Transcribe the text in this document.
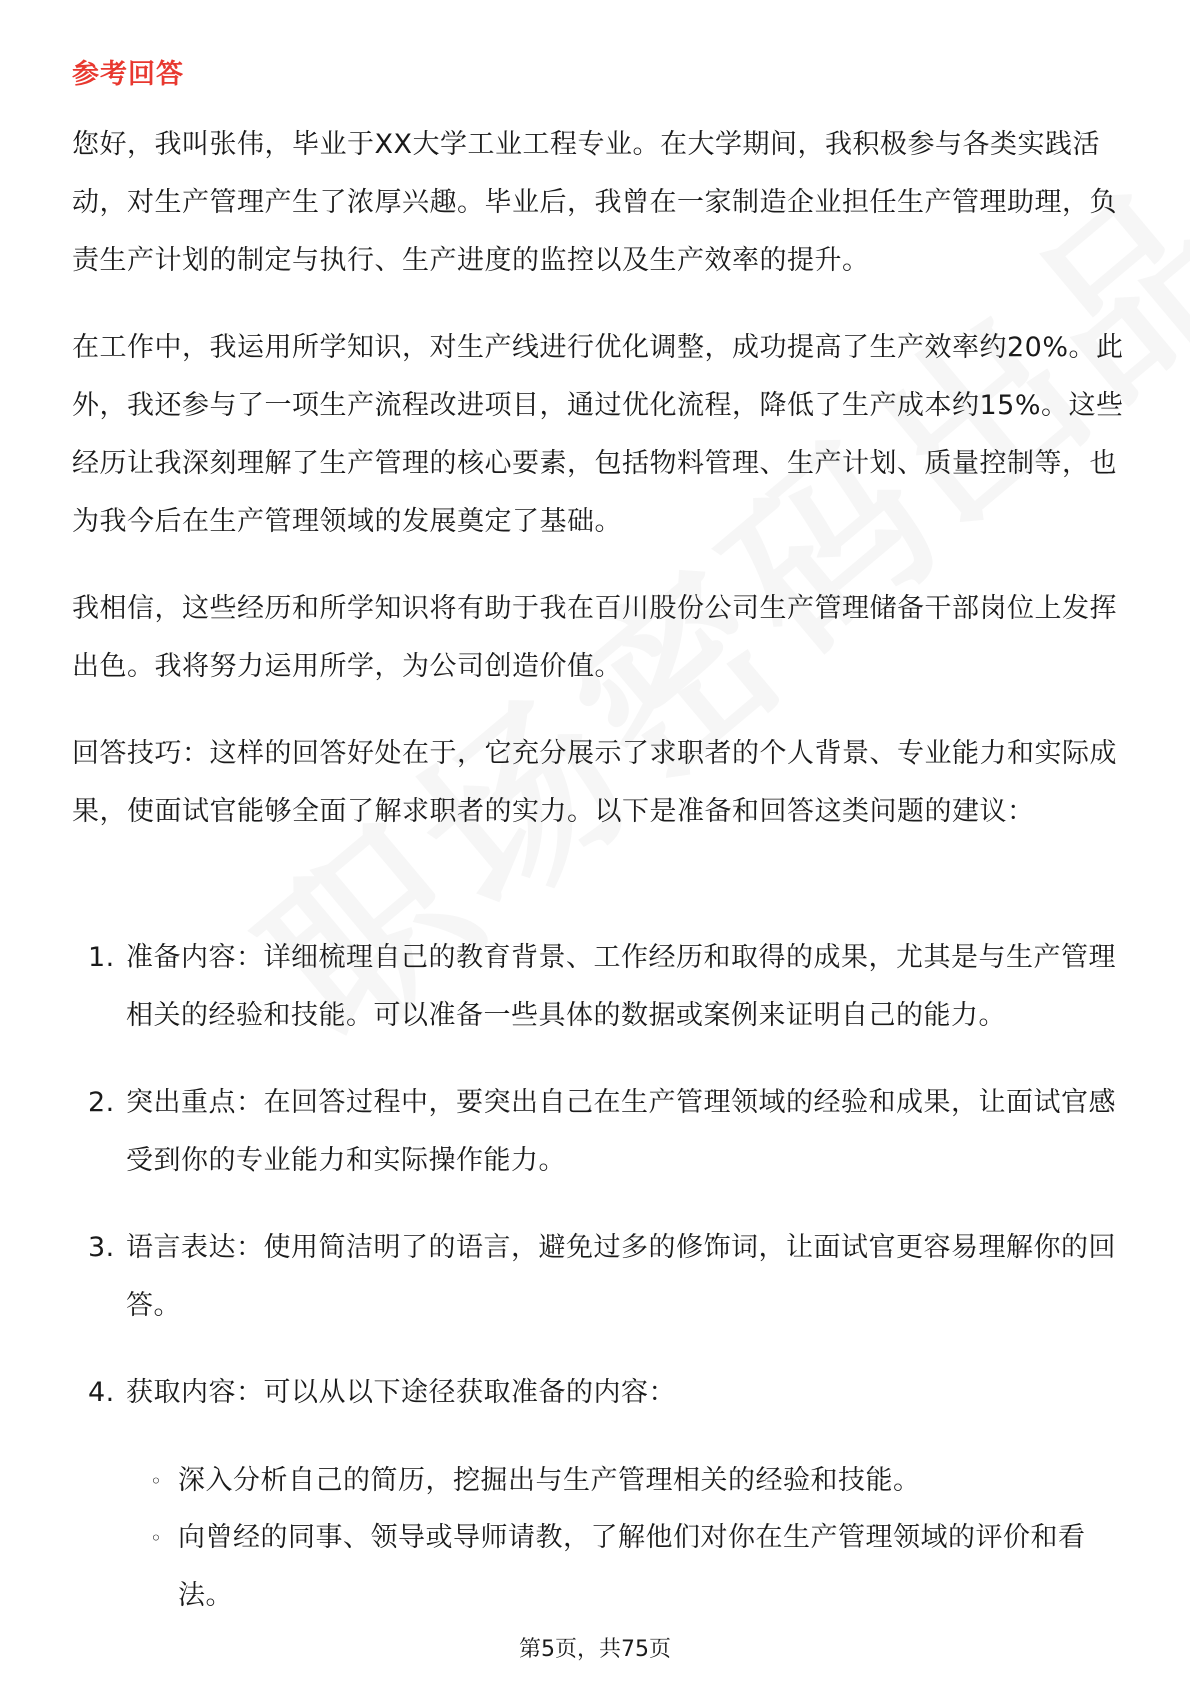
参考回答
您好，我叫张伟，毕业于XX大学工业工程专业。在大学期间，我积极参与各类实践活动，对生产管理产生了浓厚兴趣。毕业后，我曾在一家制造企业担任生产管理助理，负责生产计划的制定与执行、生产进度的监控以及生产效率的提升。
在工作中，我运用所学知识，对生产线进行优化调整，成功提高了生产效率约20%。此外，我还参与了一项生产流程改进项目，通过优化流程，降低了生产成本约15%。这些经历让我深刻理解了生产管理的核心要素，包括物料管理、生产计划、质量控制等，也为我今后在生产管理领域的发展奠定了基础。
我相信，这些经历和所学知识将有助于我在百川股份公司生产管理储备干部岗位上发挥出色。我将努力运用所学，为公司创造价值。
回答技巧：这样的回答好处在于，它充分展示了求职者的个人背景、专业能力和实际成果，使面试官能够全面了解求职者的实力。以下是准备和回答这类问题的建议：
1. 准备内容：详细梳理自己的教育背景、工作经历和取得的成果，尤其是与生产管理相关的经验和技能。可以准备一些具体的数据或案例来证明自己的能力。
2. 突出重点：在回答过程中，要突出自己在生产管理领域的经验和成果，让面试官感受到你的专业能力和实际操作能力。
3. 语言表达：使用简洁明了的语言，避免过多的修饰词，让面试官更容易理解你的回答。
4. 获取内容：可以从以下途径获取准备的内容：
◦ 深入分析自己的简历，挖掘出与生产管理相关的经验和技能。
◦ 向曾经的同事、领导或导师请教，了解他们对你在生产管理领域的评价和看法。
第5页，共75页
